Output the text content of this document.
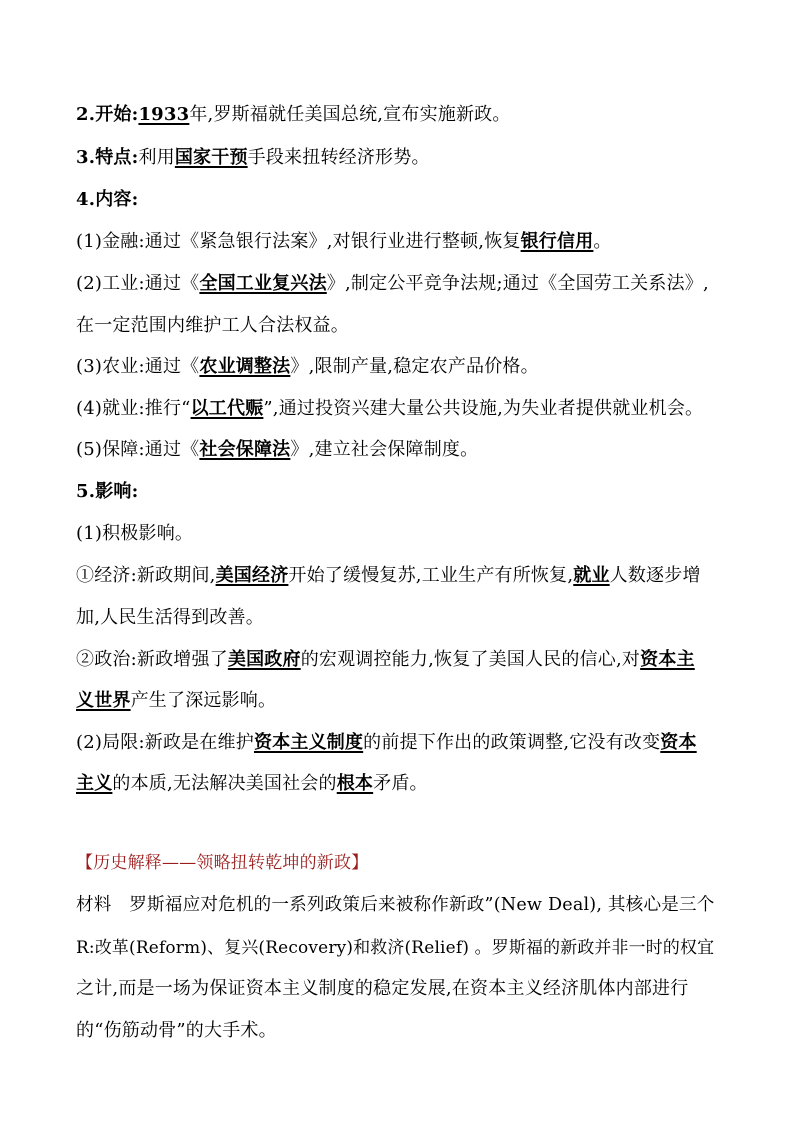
2.开始:1933年,罗斯福就任美国总统,宣布实施新政。
3.特点:利用国家干预手段来扭转经济形势。
4.内容:
(1)金融:通过《紧急银行法案》,对银行业进行整顿,恢复银行信用。
(2)工业:通过《全国工业复兴法》,制定公平竞争法规;通过《全国劳工关系法》,
在一定范围内维护工人合法权益。
(3)农业:通过《农业调整法》,限制产量,稳定农产品价格。
(4)就业:推行“以工代赈”,通过投资兴建大量公共设施,为失业者提供就业机会。
(5)保障:通过《社会保障法》,建立社会保障制度。
5.影响:
(1)积极影响。
①经济:新政期间,美国经济开始了缓慢复苏,工业生产有所恢复,就业人数逐步增
加,人民生活得到改善。
②政治:新政增强了美国政府的宏观调控能力,恢复了美国人民的信心,对资本主
义世界产生了深远影响。
(2)局限:新政是在维护资本主义制度的前提下作出的政策调整,它没有改变资本
主义的本质,无法解决美国社会的根本矛盾。
【历史解释——领略扭转乾坤的新政】
材料　罗斯福应对危机的一系列政策后来被称作新政”(New Deal), 其核心是三个
R:改革(Reform)、复兴(Recovery)和救济(Relief) 。罗斯福的新政并非一时的权宜
之计,而是一场为保证资本主义制度的稳定发展,在资本主义经济肌体内部进行
的“伤筋动骨”的大手术。
